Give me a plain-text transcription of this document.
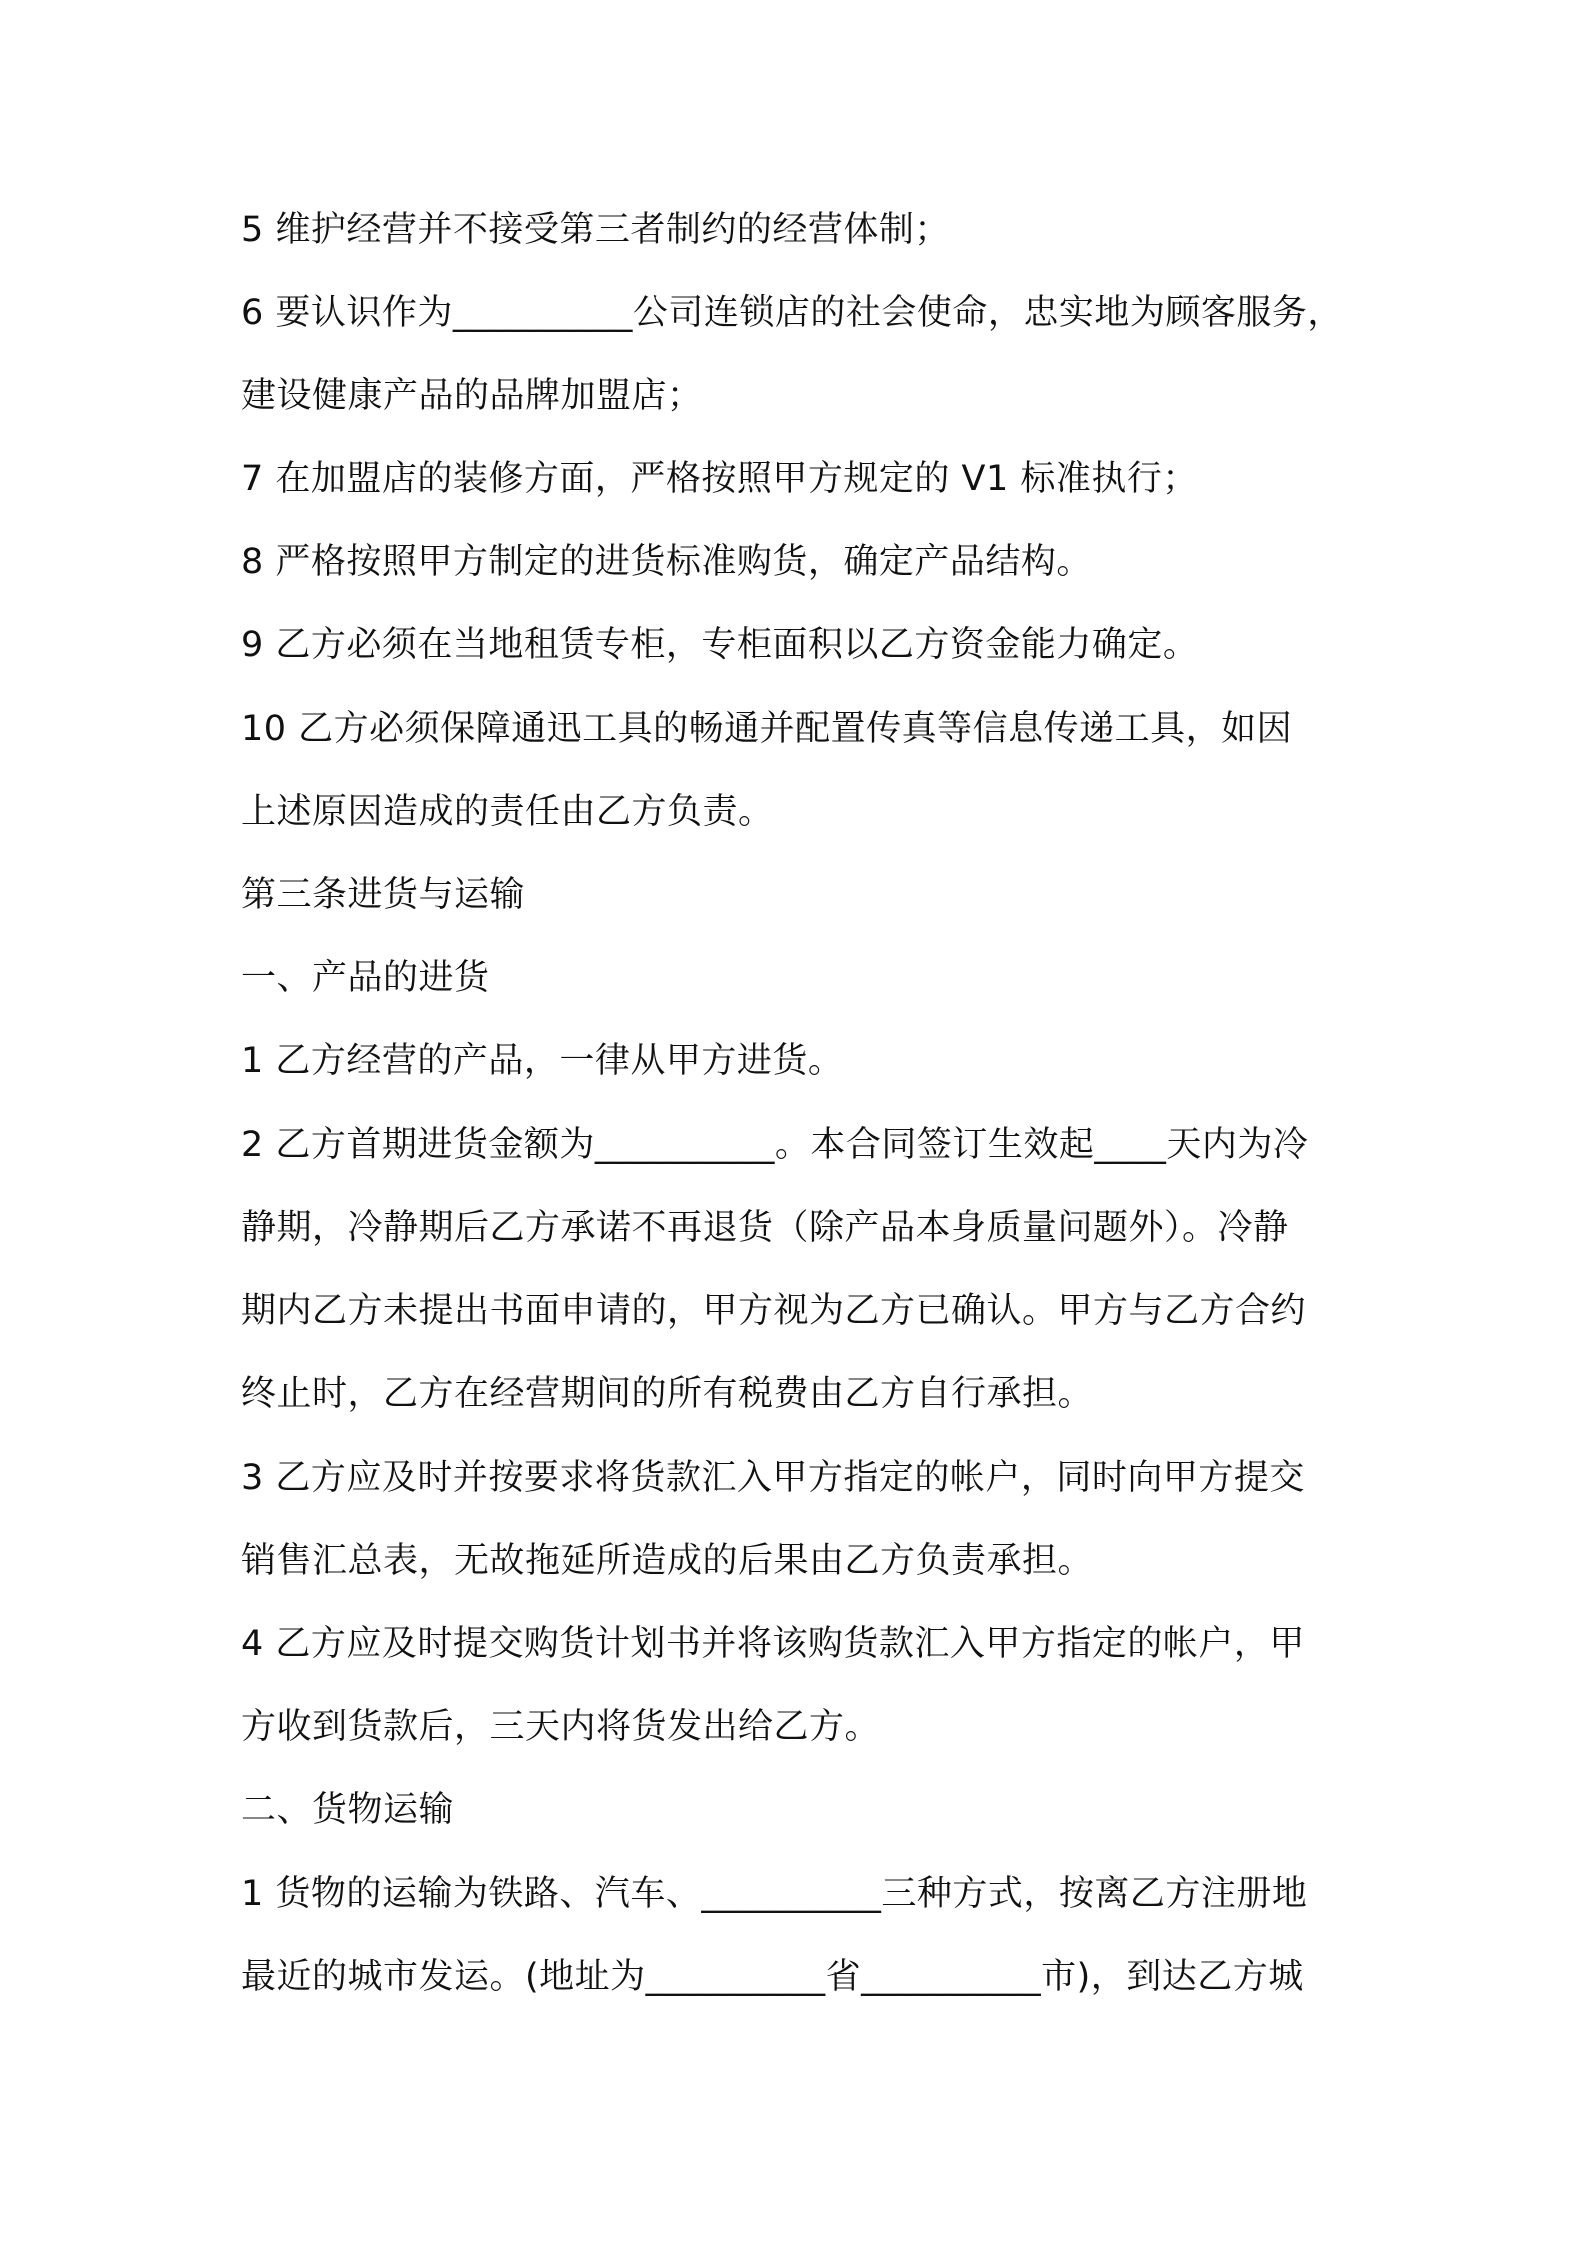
5 维护经营并不接受第三者制约的经营体制；
6 要认识作为__________公司连锁店的社会使命，忠实地为顾客服务，
建设健康产品的品牌加盟店；
7 在加盟店的装修方面，严格按照甲方规定的 V1 标准执行；
8 严格按照甲方制定的进货标准购货，确定产品结构。
9 乙方必须在当地租赁专柜，专柜面积以乙方资金能力确定。
10 乙方必须保障通迅工具的畅通并配置传真等信息传递工具，如因
上述原因造成的责任由乙方负责。
第三条进货与运输
一、产品的进货
1 乙方经营的产品，一律从甲方进货。
2 乙方首期进货金额为__________。本合同签订生效起____天内为冷
静期，冷静期后乙方承诺不再退货（除产品本身质量问题外）。冷静
期内乙方未提出书面申请的，甲方视为乙方已确认。甲方与乙方合约
终止时，乙方在经营期间的所有税费由乙方自行承担。
3 乙方应及时并按要求将货款汇入甲方指定的帐户，同时向甲方提交
销售汇总表，无故拖延所造成的后果由乙方负责承担。
4 乙方应及时提交购货计划书并将该购货款汇入甲方指定的帐户，甲
方收到货款后，三天内将货发出给乙方。
二、货物运输
1 货物的运输为铁路、汽车、__________三种方式，按离乙方注册地
最近的城市发运。(地址为__________省__________市)，到达乙方城
